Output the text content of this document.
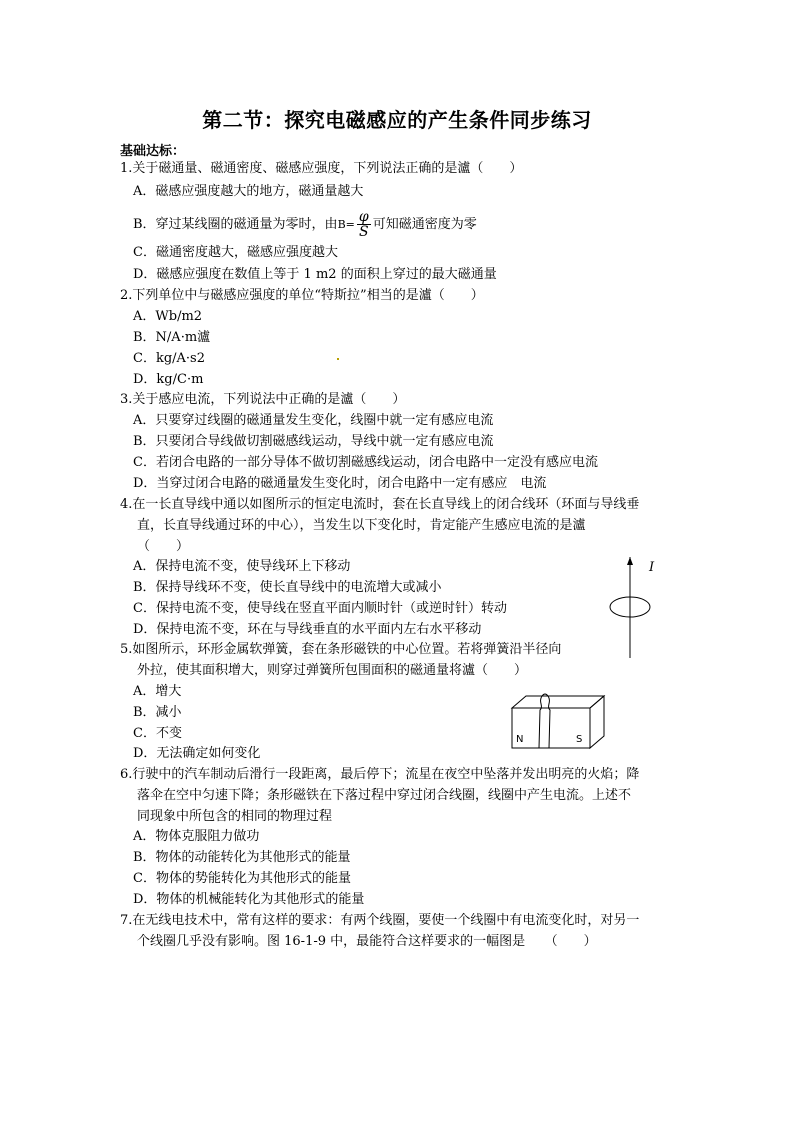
第二节：探究电磁感应的产生条件同步练习
基础达标：
1.关于磁通量、磁通密度、磁感应强度，下列说法正确的是瀘（　　）
A．磁感应强度越大的地方，磁通量越大
B．穿过某线圈的磁通量为零时，由$B= \frac{\varphi}{S}$ 可知磁通密度为零
C．磁通密度越大，磁感应强度越大
D．磁感应强度在数值上等于 1 m2 的面积上穿过的最大磁通量
2.下列单位中与磁感应强度的单位“特斯拉”相当的是瀘（　　）
A．Wb/m2
B．N/A·m瀘
C．kg/A·s2
D．kg/C·m
3.关于感应电流，下列说法中正确的是瀘（　　）
A．只要穿过线圈的磁通量发生变化，线圈中就一定有感应电流
B．只要闭合导线做切割磁感线运动，导线中就一定有感应电流
C．若闭合电路的一部分导体不做切割磁感线运动，闭合电路中一定没有感应电流
D．当穿过闭合电路的磁通量发生变化时，闭合电路中一定有感应　电流
4.在一长直导线中通以如图所示的恒定电流时，套在长直导线上的闭合线环（环面与导线垂
直，长直导线通过环的中心），当发生以下变化时，肯定能产生感应电流的是瀘
（　　）
A．保持电流不变，使导线环上下移动
B．保持导线环不变，使长直导线中的电流增大或减小
C．保持电流不变，使导线在竖直平面内顺时针（或逆时针）转动
D．保持电流不变，环在与导线垂直的水平面内左右水平移动
I
5.如图所示，环形金属软弹簧，套在条形磁铁的中心位置。若将弹簧沿半径向
外拉，使其面积增大，则穿过弹簧所包围面积的磁通量将瀘（　　）
A．增大
B．减小
C．不变
D．无法确定如何变化
N	S
6.行驶中的汽车制动后滑行一段距离，最后停下；流星在夜空中坠落并发出明亮的火焰；降
落伞在空中匀速下降；条形磁铁在下落过程中穿过闭合线圈，线圈中产生电流。上述不
同现象中所包含的相同的物理过程
A．物体克服阻力做功
B．物体的动能转化为其他形式的能量
C．物体的势能转化为其他形式的能量
D．物体的机械能转化为其他形式的能量
7.在无线电技术中，常有这样的要求：有两个线圈，要使一个线圈中有电流变化时，对另一
个线圈几乎没有影响。图 16-1-9 中，最能符合这样要求的一幅图是　　（　　）
